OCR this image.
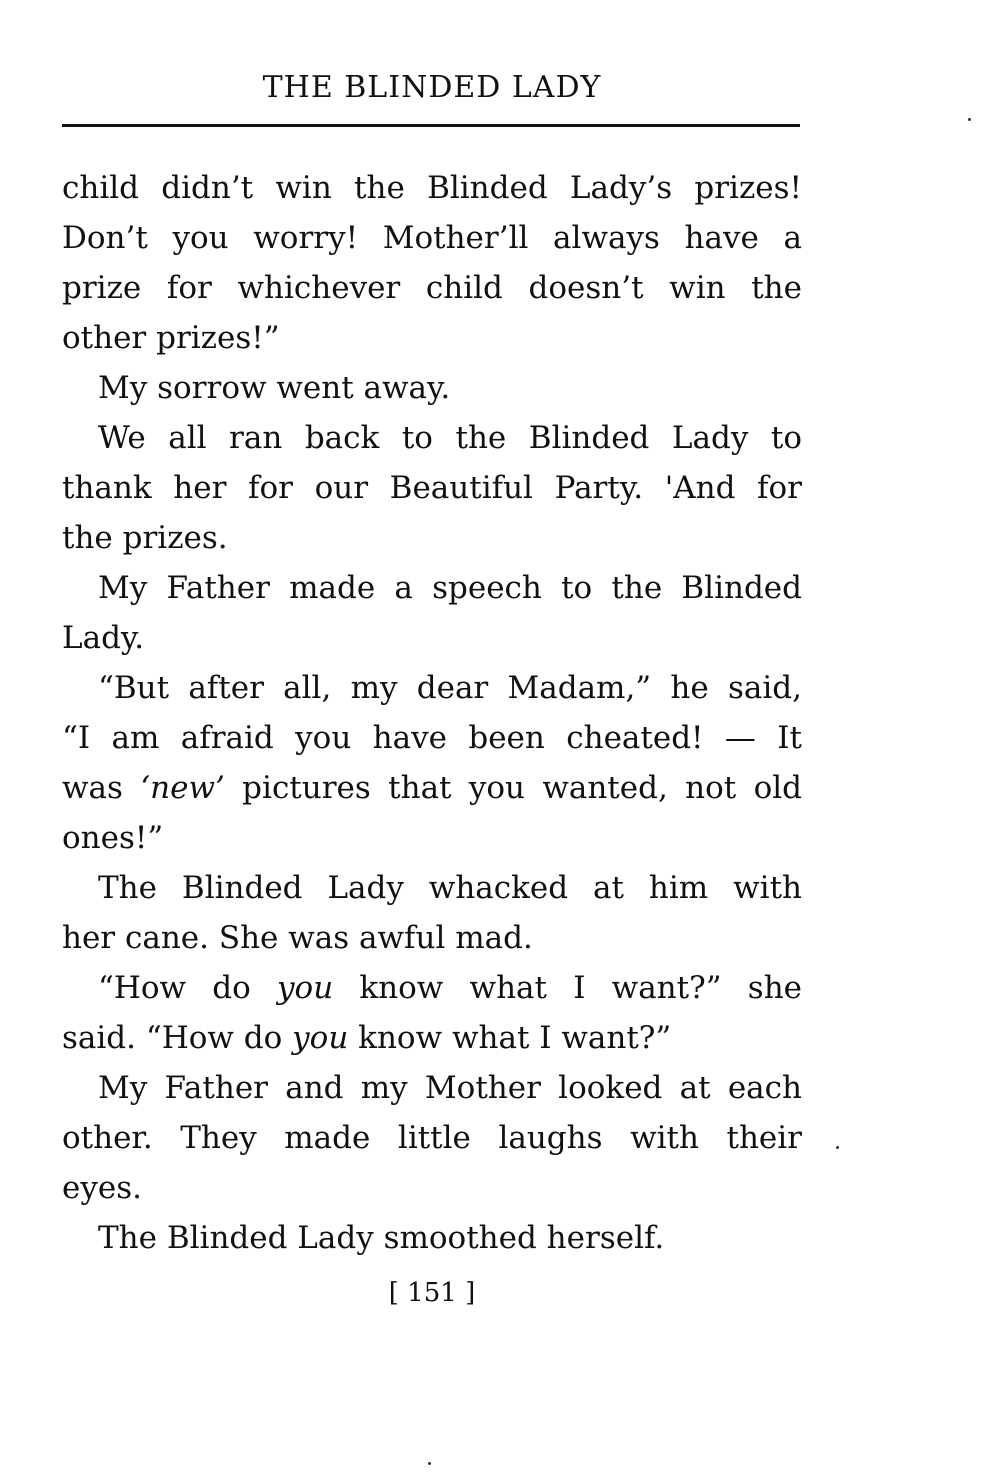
THE BLINDED LADY
child didn’t win the Blinded Lady’s prizes!
Don’t you worry! Mother’ll always have a
prize for whichever child doesn’t win the
other prizes!”
My sorrow went away.
We all ran back to the Blinded Lady to
thank her for our Beautiful Party. 'And for
the prizes.
My Father made a speech to the Blinded
Lady.
“But after all, my dear Madam,” he said,
“I am afraid you have been cheated! — It
was ‘new’ pictures that you wanted, not old
ones!”
The Blinded Lady whacked at him with
her cane. She was awful mad.
“How do you know what I want?” she
said. “How do you know what I want?”
My Father and my Mother looked at each
other. They made little laughs with their
eyes.
The Blinded Lady smoothed herself.
[ 151 ]
